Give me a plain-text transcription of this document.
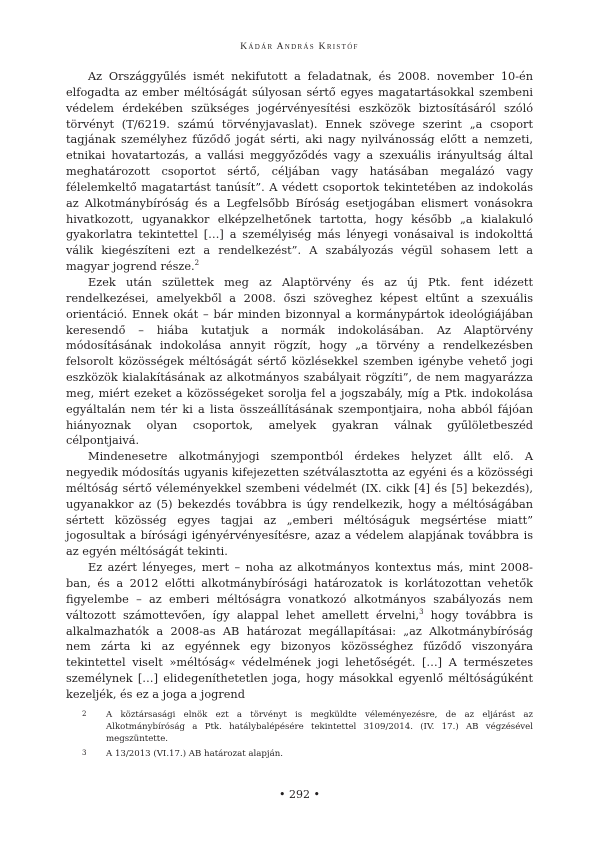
Kádár András Kristóf

Az Országgyűlés ismét nekifutott a feladatnak, és 2008. november 10-én elfogadta az ember méltóságát súlyosan sértő egyes magatartásokkal szembeni védelem érdekében szükséges jogérvényesítési eszközök biztosításáról szóló törvényt (T/6219. számú törvényjavaslat). Ennek szövege szerint „a csoport tagjának személyhez fűződő jogát sérti, aki nagy nyilvánosság előtt a nemzeti, etnikai hovatartozás, a vallási meggyőződés vagy a szexuális irányultság által meghatározott csoportot sértő, céljában vagy hatásában megalázó vagy félelemkeltő magatartást tanúsít”. A védett csoportok tekintetében az indokolás az Alkotmánybíróság és a Legfelsőbb Bíróság esetjogában elismert vonásokra hivatkozott, ugyanakkor elképzelhetőnek tartotta, hogy később „a kialakuló gyakorlatra tekintettel […] a személyiség más lényegi vonásaival is indokolttá válik kiegészíteni ezt a rendelkezést”. A szabályozás végül sohasem lett a magyar jogrend része.$^2$

Ezek után születtek meg az Alaptörvény és az új Ptk. fent idézett rendelkezései, amelyekből a 2008. őszi szöveghez képest eltűnt a szexuális orientáció. Ennek okát – bár minden bizonnyal a kormánypártok ideológiájában keresendő – hiába kutatjuk a normák indokolásában. Az Alaptörvény módosításának indokolása annyit rögzít, hogy „a törvény a rendelkezésben felsorolt közösségek méltóságát sértő közlésekkel szemben igénybe vehető jogi eszközök kialakításának az alkotmányos szabályait rögzíti”, de nem magyarázza meg, miért ezeket a közösségeket sorolja fel a jogszabály, míg a Ptk. indokolása egyáltalán nem tér ki a lista összeállításának szempontjaira, noha abból fájóan hiányoznak olyan csoportok, amelyek gyakran válnak gyűlöletbeszéd célpontjaivá.

Mindenesetre alkotmányjogi szempontból érdekes helyzet állt elő. A negyedik módosítás ugyanis kifejezetten szétválasztotta az egyéni és a közösségi méltóság sértő véleményekkel szembeni védelmét (IX. cikk [4] és [5] bekezdés), ugyanakkor az (5) bekezdés továbbra is úgy rendelkezik, hogy a méltóságában sértett közösség egyes tagjai az „emberi méltóságuk megsértése miatt” jogosultak a bírósági igényérvényesítésre, azaz a védelem alapjának továbbra is az egyén méltóságát tekinti.

Ez azért lényeges, mert – noha az alkotmányos kontextus más, mint 2008-ban, és a 2012 előtti alkotmánybírósági határozatok is korlátozottan vehetők figyelembe – az emberi méltóságra vonatkozó alkotmányos szabályozás nem változott számottevően, így alappal lehet amellett érvelni,$^3$ hogy továbbra is alkalmazhatók a 2008-as AB határozat megállapításai: „az Alkotmánybíróság nem zárta ki az egyénnek egy bizonyos közösséghez fűződő viszonyára tekintettel viselt »méltóság« védelmének jogi lehetőségét. […] A természetes személynek […] elidegeníthetetlen joga, hogy másokkal egyenlő méltóságúként kezeljék, és ez a joga a jogrend

2	A köztársasági elnök ezt a törvényt is megküldte véleményezésre, de az eljárást az Alkotmánybíróság a Ptk. hatálybalépésére tekintettel 3109/2014. (IV. 17.) AB végzésével megszüntette.
3	A 13/2013 (VI.17.) AB határozat alapján.
• 292 •
